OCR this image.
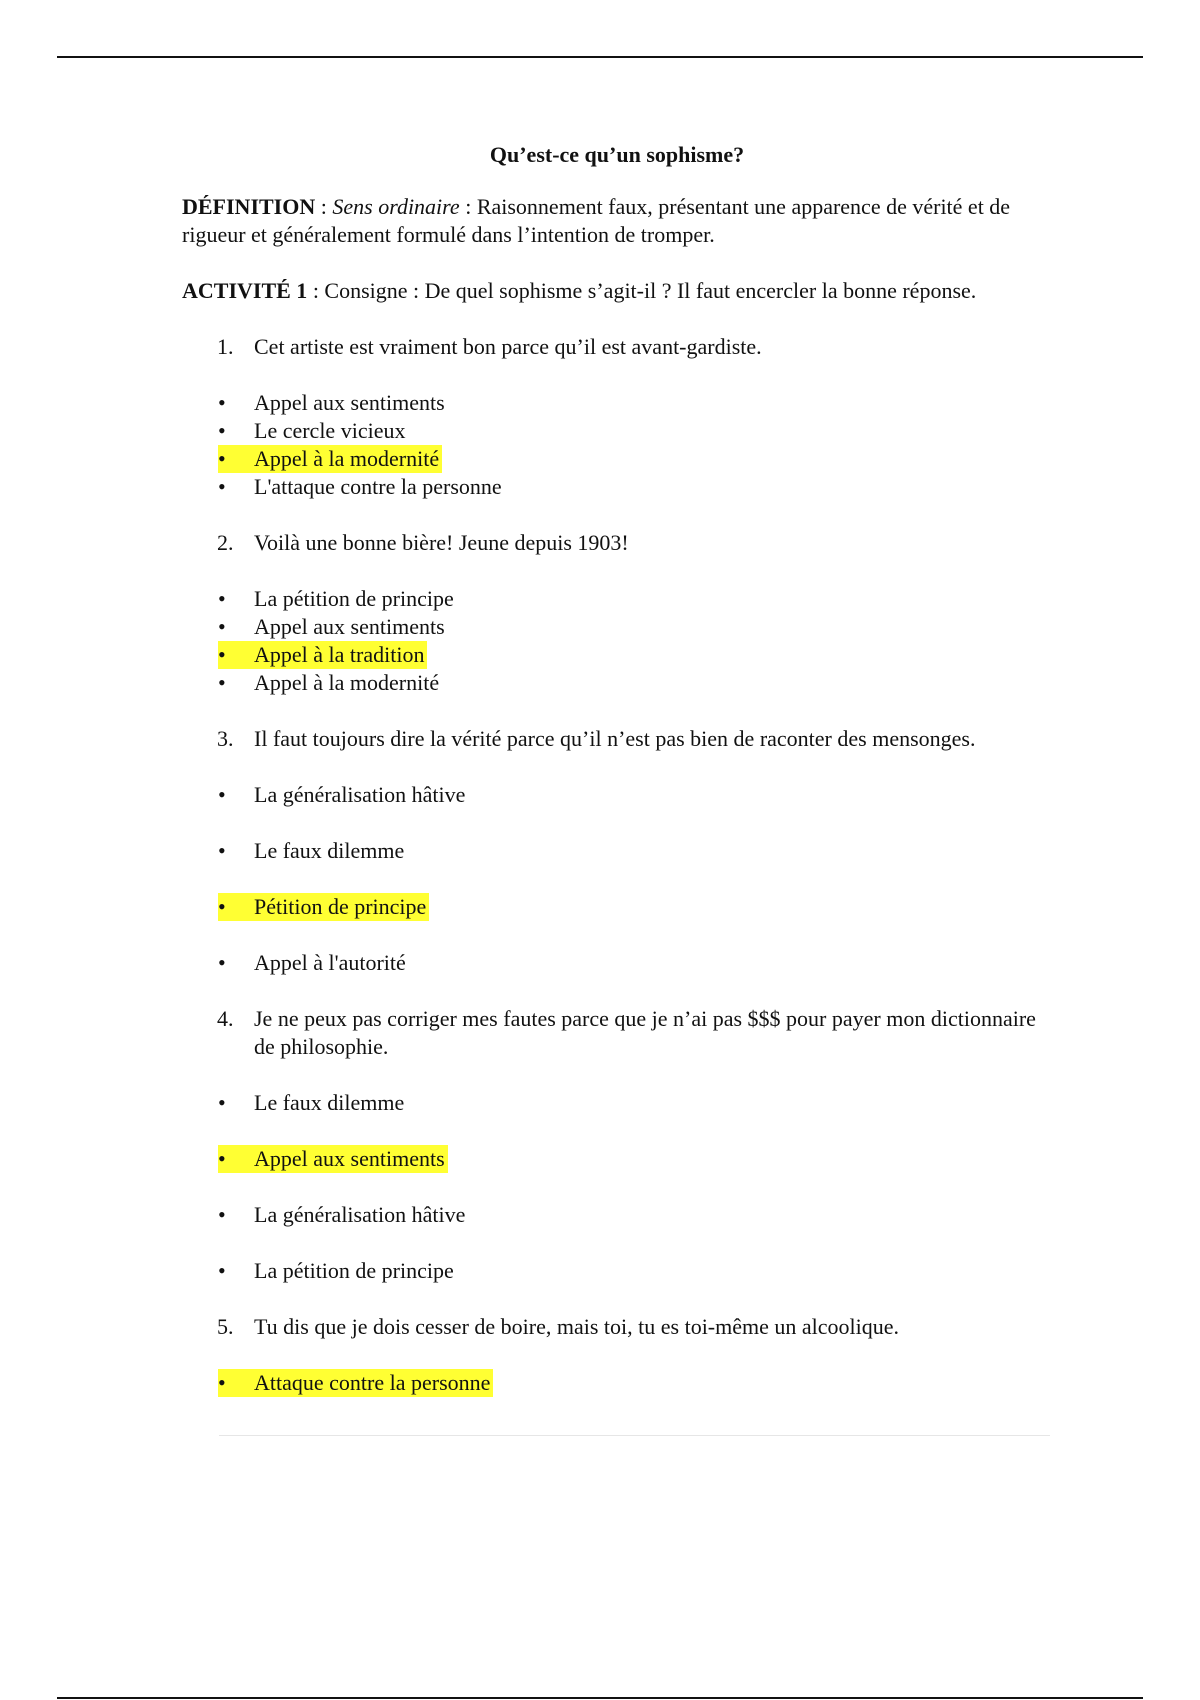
Qu’est-ce qu’un sophisme?

DÉFINITION : Sens ordinaire : Raisonnement faux, présentant une apparence de vérité et de rigueur et généralement formulé dans l’intention de tromper.

ACTIVITÉ 1 : Consigne : De quel sophisme s’agit-il ? Il faut encercler la bonne réponse.

1. Cet artiste est vraiment bon parce qu’il est avant-gardiste.
• Appel aux sentiments
• Le cercle vicieux
• Appel à la modernité
• L'attaque contre la personne
2. Voilà une bonne bière! Jeune depuis 1903!
• La pétition de principe
• Appel aux sentiments
• Appel à la tradition
• Appel à la modernité
3. Il faut toujours dire la vérité parce qu’il n’est pas bien de raconter des mensonges.
• La généralisation hâtive
• Le faux dilemme
• Pétition de principe
• Appel à l'autorité
4. Je ne peux pas corriger mes fautes parce que je n’ai pas $$$ pour payer mon dictionnaire de philosophie.
• Le faux dilemme
• Appel aux sentiments
• La généralisation hâtive
• La pétition de principe
5. Tu dis que je dois cesser de boire, mais toi, tu es toi-même un alcoolique.
• Attaque contre la personne
